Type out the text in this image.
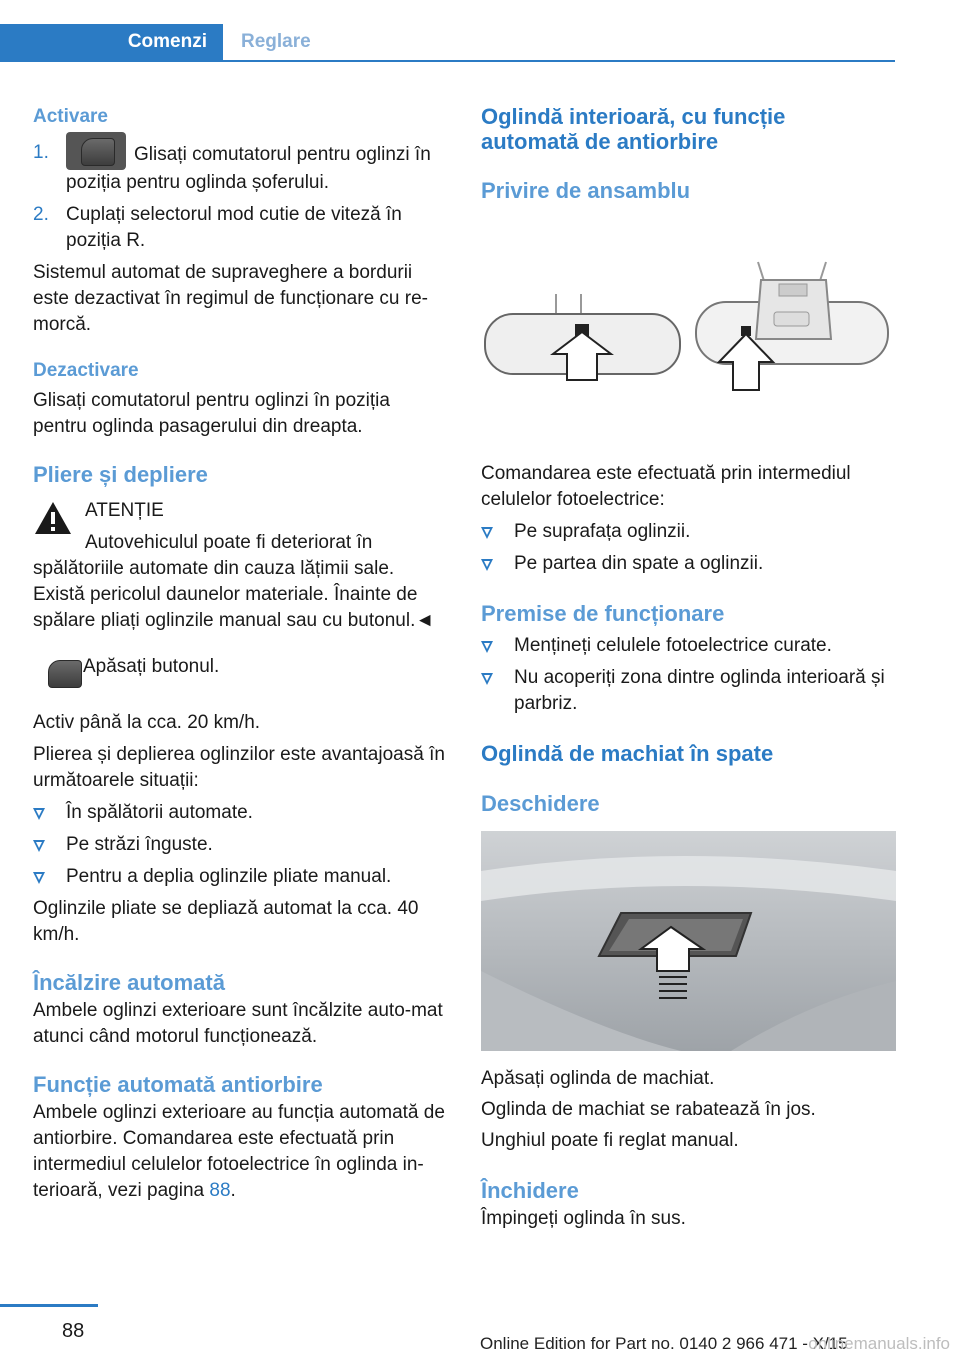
Comenzi	Reglare
Activare
1.	Glisați comutatorul pentru oglinzi în poziția pentru oglinda șoferului.
2. Cuplați selectorul mod cutie de viteză în poziția R.

Sistemul automat de supraveghere a bordurii este dezactivat în regimul de funcționare cu re-morcă.

Dezactivare

Glisați comutatorul pentru oglinzi în poziția pentru oglinda pasagerului din dreapta.

Pliere și depliere
ATENȚIE
Autovehiculul poate fi deteriorat în spălătoriile automate din cauza lățimii sale. Există pericolul daunelor materiale. Înainte de spălare pliați oglinzile manual sau cu butonul.◄
Apăsați butonul.

Activ până la cca. 20 km/h.

Plierea și deplierea oglinzilor este avantajoasă în următoarele situații:

În spălătorii automate.
Pe străzi înguste.
Pentru a deplia oglinzile pliate manual.

Oglinzile pliate se depliază automat la cca. 40 km/h.

Încălzire automată

Ambele oglinzi exterioare sunt încălzite auto-mat atunci când motorul funcționează.

Funcție automată antiorbire

Ambele oglinzi exterioare au funcția automată de antiorbire. Comandarea este efectuată prin intermediul celulelor fotoelectrice în oglinda in-terioară, vezi pagina 88.

Oglindă interioară, cu funcție automată de antiorbire
Privire de ansamblu

Comandarea este efectuată prin intermediul celulelor fotoelectrice:

Pe suprafața oglinzii.
Pe partea din spate a oglinzii.
Premise de funcționare
Mențineți celulele fotoelectrice curate.
Nu acoperiți zona dintre oglinda interioară și parbriz.
Oglindă de machiat în spate
Deschidere

Apăsați oglinda de machiat.

Oglinda de machiat se rabatează în jos.

Unghiul poate fi reglat manual.

Închidere

Împingeți oglinda în sus.

88
Online Edition for Part no. 0140 2 966 471 - X/15
onlinemanuals.info
